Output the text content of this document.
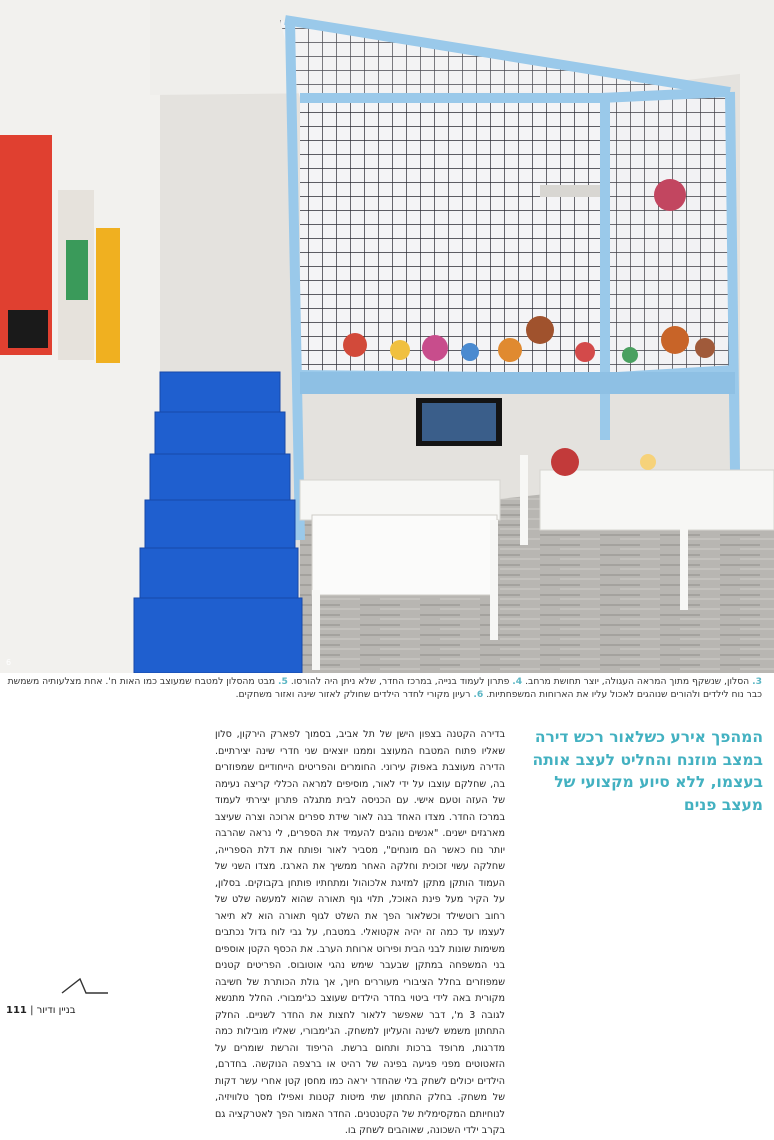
6
3. הסלון, שנשקף מתוך המראה העגולה, יוצר תחושת מרחב. 4. פתרון לעמוד בנייה, במרכז החדר, שלא ניתן היה להורסו. 5. מבט מהסלון למטבח שמעוצב כמו האות ח'. אחת מצלעותיה משמשת כבר נוח לילדים ולהורים שנוהגים לאכול עליו את הארוחות המשפחתיות. 6. רעיון מקורי לחדר הילדים שחולק לאזור שינה ואזור משחקים.
המהפך אירע כשלאור רכש דירה במצב מוזנח והחליט לעצב אותה בעצמו, ללא סיוע מקצועי של מעצב פנים
בדירה הקטנה בצפון הישן של תל אביב, בסמוך לפארק הירקון, סלון שאליו פתוח המטבח המעוצב וממנו יוצאים שני חדרי שינה יצירתיים. הדירה מעוצבת באפוק עירוני. החומרים והפריטים הייחודיים שמפוזרים בה, שחלקם עוצבו על ידי לאור, מוסיפים למראה הכללי קריצה נעימה של העזה וטעם אישי. עם הכניסה לבית מתגלה פתרון יצירתי לעמוד במרכז החדר. מצדו האחד בנה לאור שידת ספרים ארוכה וצרה שעיצב מארגזים ישנים. "אנשים נוהגים להעמיד את הספרים, לי נראה שהרבה יותר נוח כאשר הם מונחים", מסביר לאור ופותח את דלת הספרייה, שחלקה עשוי זכוכית וחלקה האחר ממשיך את הארגז. מצדו השני של העמוד הותקן מתקן למזיגת אלכוהול ומתחתיו פותחן בקבוקים. בסלון, על הקיר מעל פינת האוכל, תלוי גוף תאורה שהוא למעשה שלט של רחוב רוטשילד וכשלאור הפך את השלט לגוף תאורה הוא לא תיאר לעצמו עד כמה זה יהיה אקטואלי. במטבח, על גבי לוח גדול נכתבים משימות שונות לבני הבית ופירוט ארוחת הערב. את הכסף הקטן אוספים בני המשפחה במתקן שבעבר שימש נהגי אוטובוס. הפריטים קטנים שמפוזרים בחלל הציבורי מעוררים חיוך, אך גולת הכותרת של חשיבה מקורית באה לידי ביטוי בחדר הילדים שעוצב כג'ימבורי. החלל מתנשא לגובה 3 מ', דבר שאפשר ללאור לחצות את החדר לשניים. החלק התחתון משמש לשינה והעליון למשחק. הג'ימבורי, שאליו מובילות כמה מדרגות, מרופד ברכות ותחום ברשת. הריפוד והרשת שומרים על הזאטוטים מפני פגיעה בפינה של רהיט או ברצפה הנוקשה. בחדרם, הילדים יכולים לשחק בלי שהחדר יראה כמו מחסן קטן אחרי עשר דקות של משחק. בחלק התחתון שתי מיטות קטנות ואפילו מסך טלוויזיה, לנוחיותם המקסימלית של הקטנטנים. החדר האמור הפך לאטרקציה גם בקרב ילדי השכונה, שאוהבים לשחק בו.
111 | בניין ודיור
